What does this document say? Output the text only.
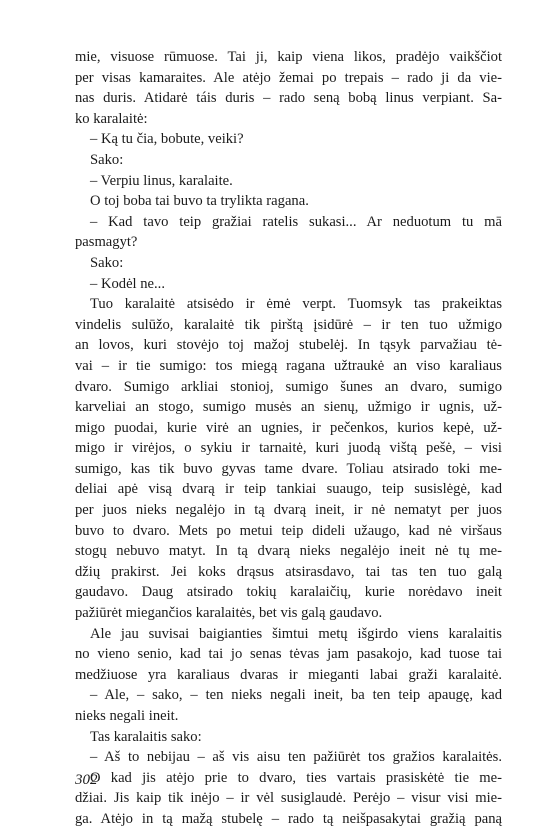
mie, visuose rūmuose. Tai ji, kaip viena likos, pradėjo vaikščiot
per visas kamaraites. Ale atėjo žemai po trepais – rado ji da vie-
nas duris. Atidarė táis duris – rado seną bobą linus verpiant. Sa-
ko karalaitė:
– Ką tu čia, bobute, veiki?
Sako:
– Verpiu linus, karalaite.
O toj boba tai buvo ta trylikta ragana.
– Kad tavo teip gražiai ratelis sukasi... Ar neduotum tu mā
pasmagyt?
Sako:
– Kodėl ne...
Tuo karalaitė atsisėdo ir ėmė verpt. Tuomsyk tas prakeiktas
vindelis sulūžo, karalaitė tik pirštą įsidūrė – ir ten tuo užmigo
an lovos, kuri stovėjo toj mažoj stubelėj. In tąsyk parvažiau tė-
vai – ir tie sumigo: tos miegą ragana užtraukė an viso karaliaus
dvaro. Sumigo arkliai stonioj, sumigo šunes an dvaro, sumigo
karveliai an stogo, sumigo musės an sienų, užmigo ir ugnis, už-
migo puodai, kurie virė an ugnies, ir pečenkos, kurios kepė, už-
migo ir virėjos, o sykiu ir tarnaitė, kuri juodą vištą pešė, – visi
sumigo, kas tik buvo gyvas tame dvare. Toliau atsirado toki me-
deliai apė visą dvarą ir teip tankiai suaugo, teip susislėgė, kad
per juos nieks negalėjo in tą dvarą ineit, ir nė nematyt per juos
buvo to dvaro. Mets po metui teip dideli užaugo, kad nė viršaus
stogų nebuvo matyt. In tą dvarą nieks negalėjo ineit nė tų me-
džių prakirst. Jei koks drąsus atsirasdavo, tai tas ten tuo galą
gaudavo. Daug atsirado tokių karalaičių, kurie norėdavo ineit
pažiūrėt miegančios karalaitės, bet vis galą gaudavo.
Ale jau suvisai baigianties šimtui metų išgirdo viens karalaitis
no vieno senio, kad tai jo senas tėvas jam pasakojo, kad tuose tai
medžiuose yra karaliaus dvaras ir mieganti labai graži karalaitė.
– Ale, – sako, – ten nieks negali ineit, ba ten teip apaugę, kad
nieks negali ineit.
Tas karalaitis sako:
– Aš to nebijau – aš vis aisu ten pažiūrėt tos gražios karalaitės.
O kad jis atėjo prie to dvaro, ties vartais prasiskėtė tie me-
džiai. Jis kaip tik inėjo – ir vėl susiglaudė. Perėjo – visur visi mie-
ga. Atėjo in tą mažą stubelę – rado tą neišpasakytai gražią paną
302
